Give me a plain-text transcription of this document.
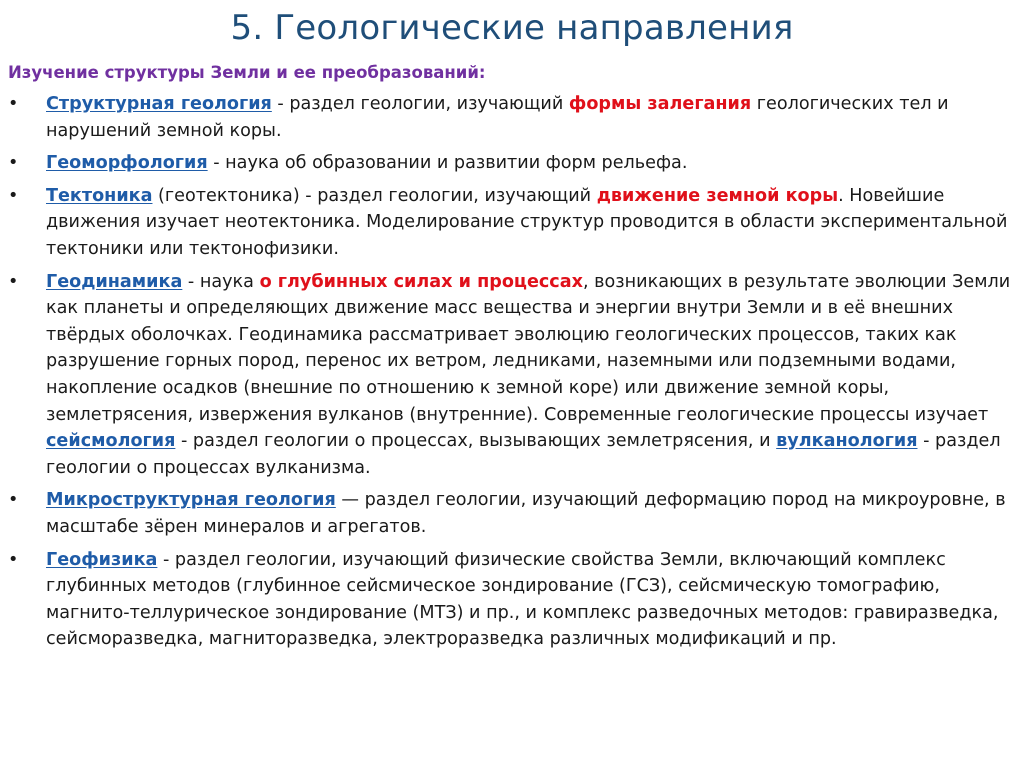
5. Геологические направления
Изучение структуры Земли и ее преобразований:
• Структурная геология - раздел геологии, изучающий формы залегания геологических тел и нарушений земной коры.
• Геоморфология - наука об образовании и развитии форм рельефа.
• Тектоника (геотектоника) - раздел геологии, изучающий движение земной коры. Новейшие движения изучает неотектоника. Моделирование структур проводится в области экспериментальной тектоники или тектонофизики.
• Геодинамика - наука о глубинных силах и процессах, возникающих в результате эволюции Земли как планеты и определяющих движение масс вещества и энергии внутри Земли и в её внешних твёрдых оболочках. Геодинамика рассматривает эволюцию геологических процессов, таких как разрушение горных пород, перенос их ветром, ледниками, наземными или подземными водами, накопление осадков (внешние по отношению к земной коре) или движение земной коры, землетрясения, извержения вулканов (внутренние). Современные геологические процессы изучает сейсмология - раздел геологии о процессах, вызывающих землетрясения, и вулканология - раздел геологии о процессах вулканизма.
• Микроструктурная геология — раздел геологии, изучающий деформацию пород на микроуровне, в масштабе зёрен минералов и агрегатов.
• Геофизика - раздел геологии, изучающий физические свойства Земли, включающий комплекс глубинных методов (глубинное сейсмическое зондирование (ГСЗ), сейсмическую томографию, магнито-теллурическое зондирование (МТЗ) и пр., и комплекс разведочных методов: гравиразведка, сейсморазведка, магниторазведка, электроразведка различных модификаций и пр.
